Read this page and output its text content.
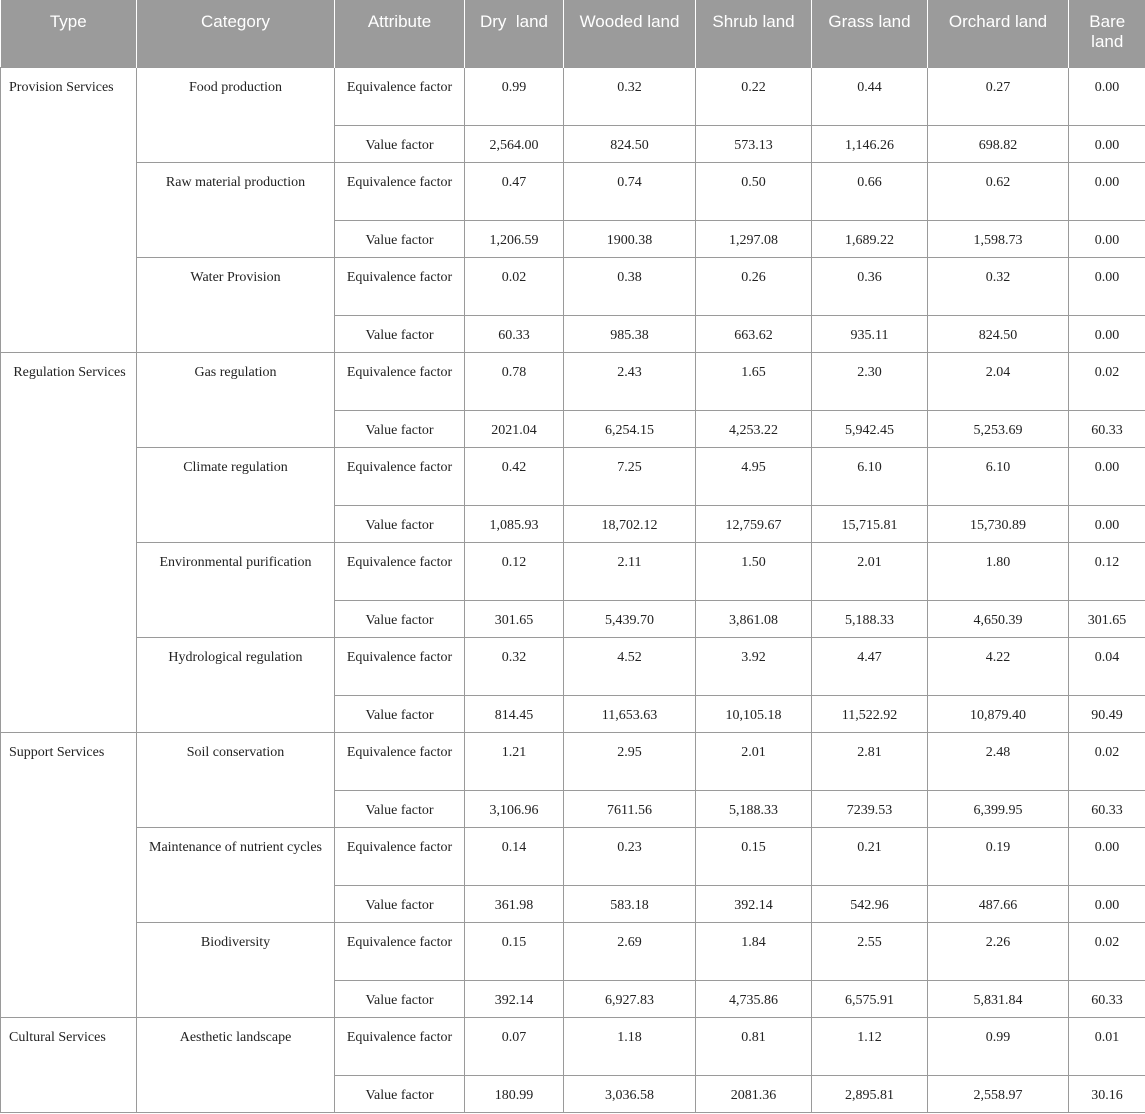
Type	Category	Attribute	Dry  land	Wooded land	Shrub land	Grass land	Orchard land	Bare land
Provision Services	Food production	Equivalence factor	0.99	0.32	0.22	0.44	0.27	0.00
		Value factor	2,564.00	824.50	573.13	1,146.26	698.82	0.00
	Raw material production	Equivalence factor	0.47	0.74	0.50	0.66	0.62	0.00
		Value factor	1,206.59	1900.38	1,297.08	1,689.22	1,598.73	0.00
	Water Provision	Equivalence factor	0.02	0.38	0.26	0.36	0.32	0.00
		Value factor	60.33	985.38	663.62	935.11	824.50	0.00
Regulation Services	Gas regulation	Equivalence factor	0.78	2.43	1.65	2.30	2.04	0.02
		Value factor	2021.04	6,254.15	4,253.22	5,942.45	5,253.69	60.33
	Climate regulation	Equivalence factor	0.42	7.25	4.95	6.10	6.10	0.00
		Value factor	1,085.93	18,702.12	12,759.67	15,715.81	15,730.89	0.00
	Environmental purification	Equivalence factor	0.12	2.11	1.50	2.01	1.80	0.12
		Value factor	301.65	5,439.70	3,861.08	5,188.33	4,650.39	301.65
	Hydrological regulation	Equivalence factor	0.32	4.52	3.92	4.47	4.22	0.04
		Value factor	814.45	11,653.63	10,105.18	11,522.92	10,879.40	90.49
Support Services	Soil conservation	Equivalence factor	1.21	2.95	2.01	2.81	2.48	0.02
		Value factor	3,106.96	7611.56	5,188.33	7239.53	6,399.95	60.33
	Maintenance of nutrient cycles	Equivalence factor	0.14	0.23	0.15	0.21	0.19	0.00
		Value factor	361.98	583.18	392.14	542.96	487.66	0.00
	Biodiversity	Equivalence factor	0.15	2.69	1.84	2.55	2.26	0.02
		Value factor	392.14	6,927.83	4,735.86	6,575.91	5,831.84	60.33
Cultural Services	Aesthetic landscape	Equivalence factor	0.07	1.18	0.81	1.12	0.99	0.01
		Value factor	180.99	3,036.58	2081.36	2,895.81	2,558.97	30.16
